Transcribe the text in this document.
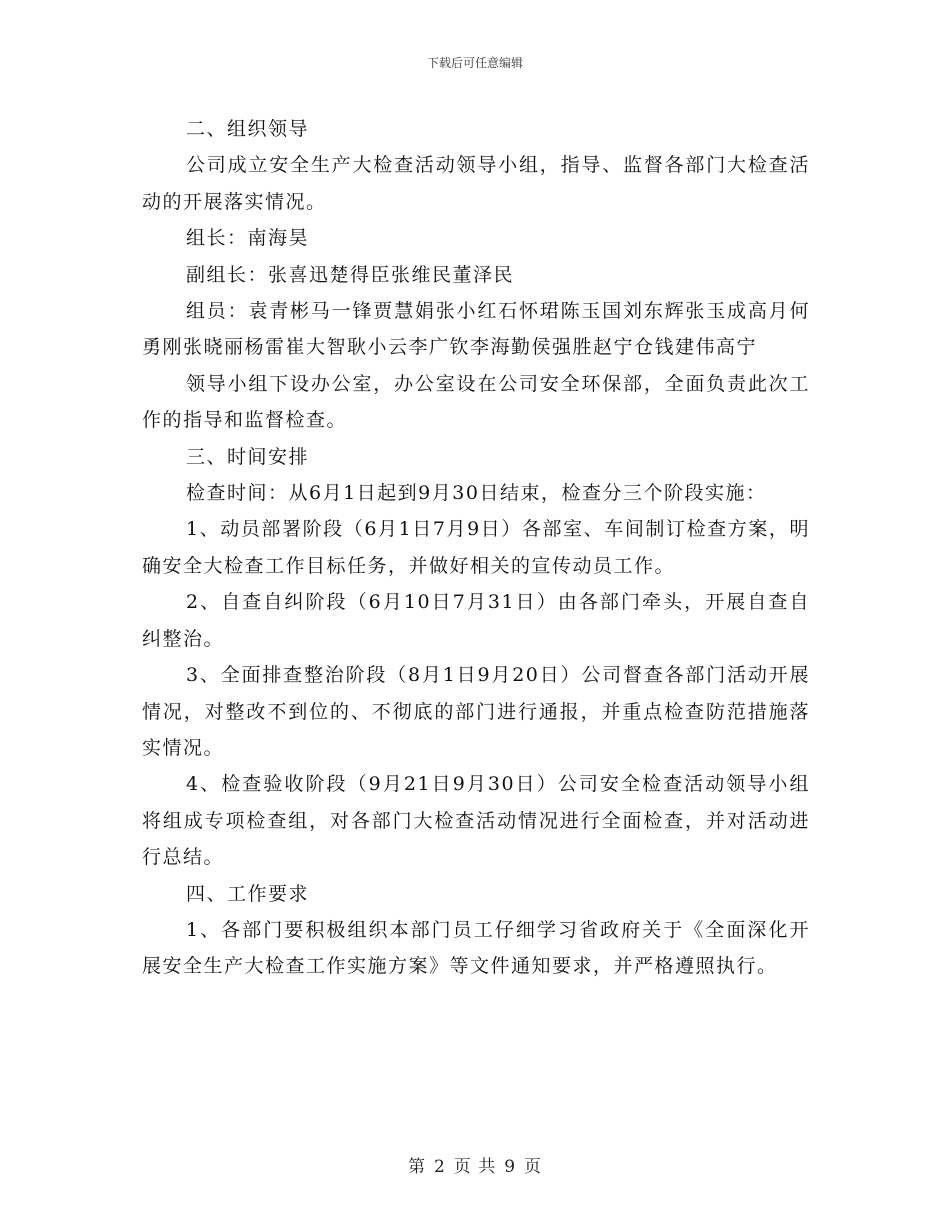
下载后可任意编辑

二、组织领导

公司成立安全生产大检查活动领导小组，指导、监督各部门大检查活动的开展落实情况。

组长：南海昊

副组长：张喜迅楚得臣张维民董泽民

组员：袁青彬马一锋贾慧娟张小红石怀珺陈玉国刘东辉张玉成高月何勇刚张晓丽杨雷崔大智耿小云李广钦李海勤侯强胜赵宁仓钱建伟高宁

领导小组下设办公室，办公室设在公司安全环保部，全面负责此次工作的指导和监督检查。

三、时间安排

检查时间：从6月1日起到9月30日结束，检查分三个阶段实施：

1、动员部署阶段（6月1日7月9日）各部室、车间制订检查方案，明确安全大检查工作目标任务，并做好相关的宣传动员工作。

2、自查自纠阶段（6月10日7月31日）由各部门牵头，开展自查自纠整治。

3、全面排查整治阶段（8月1日9月20日）公司督查各部门活动开展情况，对整改不到位的、不彻底的部门进行通报，并重点检查防范措施落实情况。

4、检查验收阶段（9月21日9月30日）公司安全检查活动领导小组将组成专项检查组，对各部门大检查活动情况进行全面检查，并对活动进行总结。

四、工作要求

1、各部门要积极组织本部门员工仔细学习省政府关于《全面深化开展安全生产大检查工作实施方案》等文件通知要求，并严格遵照执行。

第 2 页 共 9 页
